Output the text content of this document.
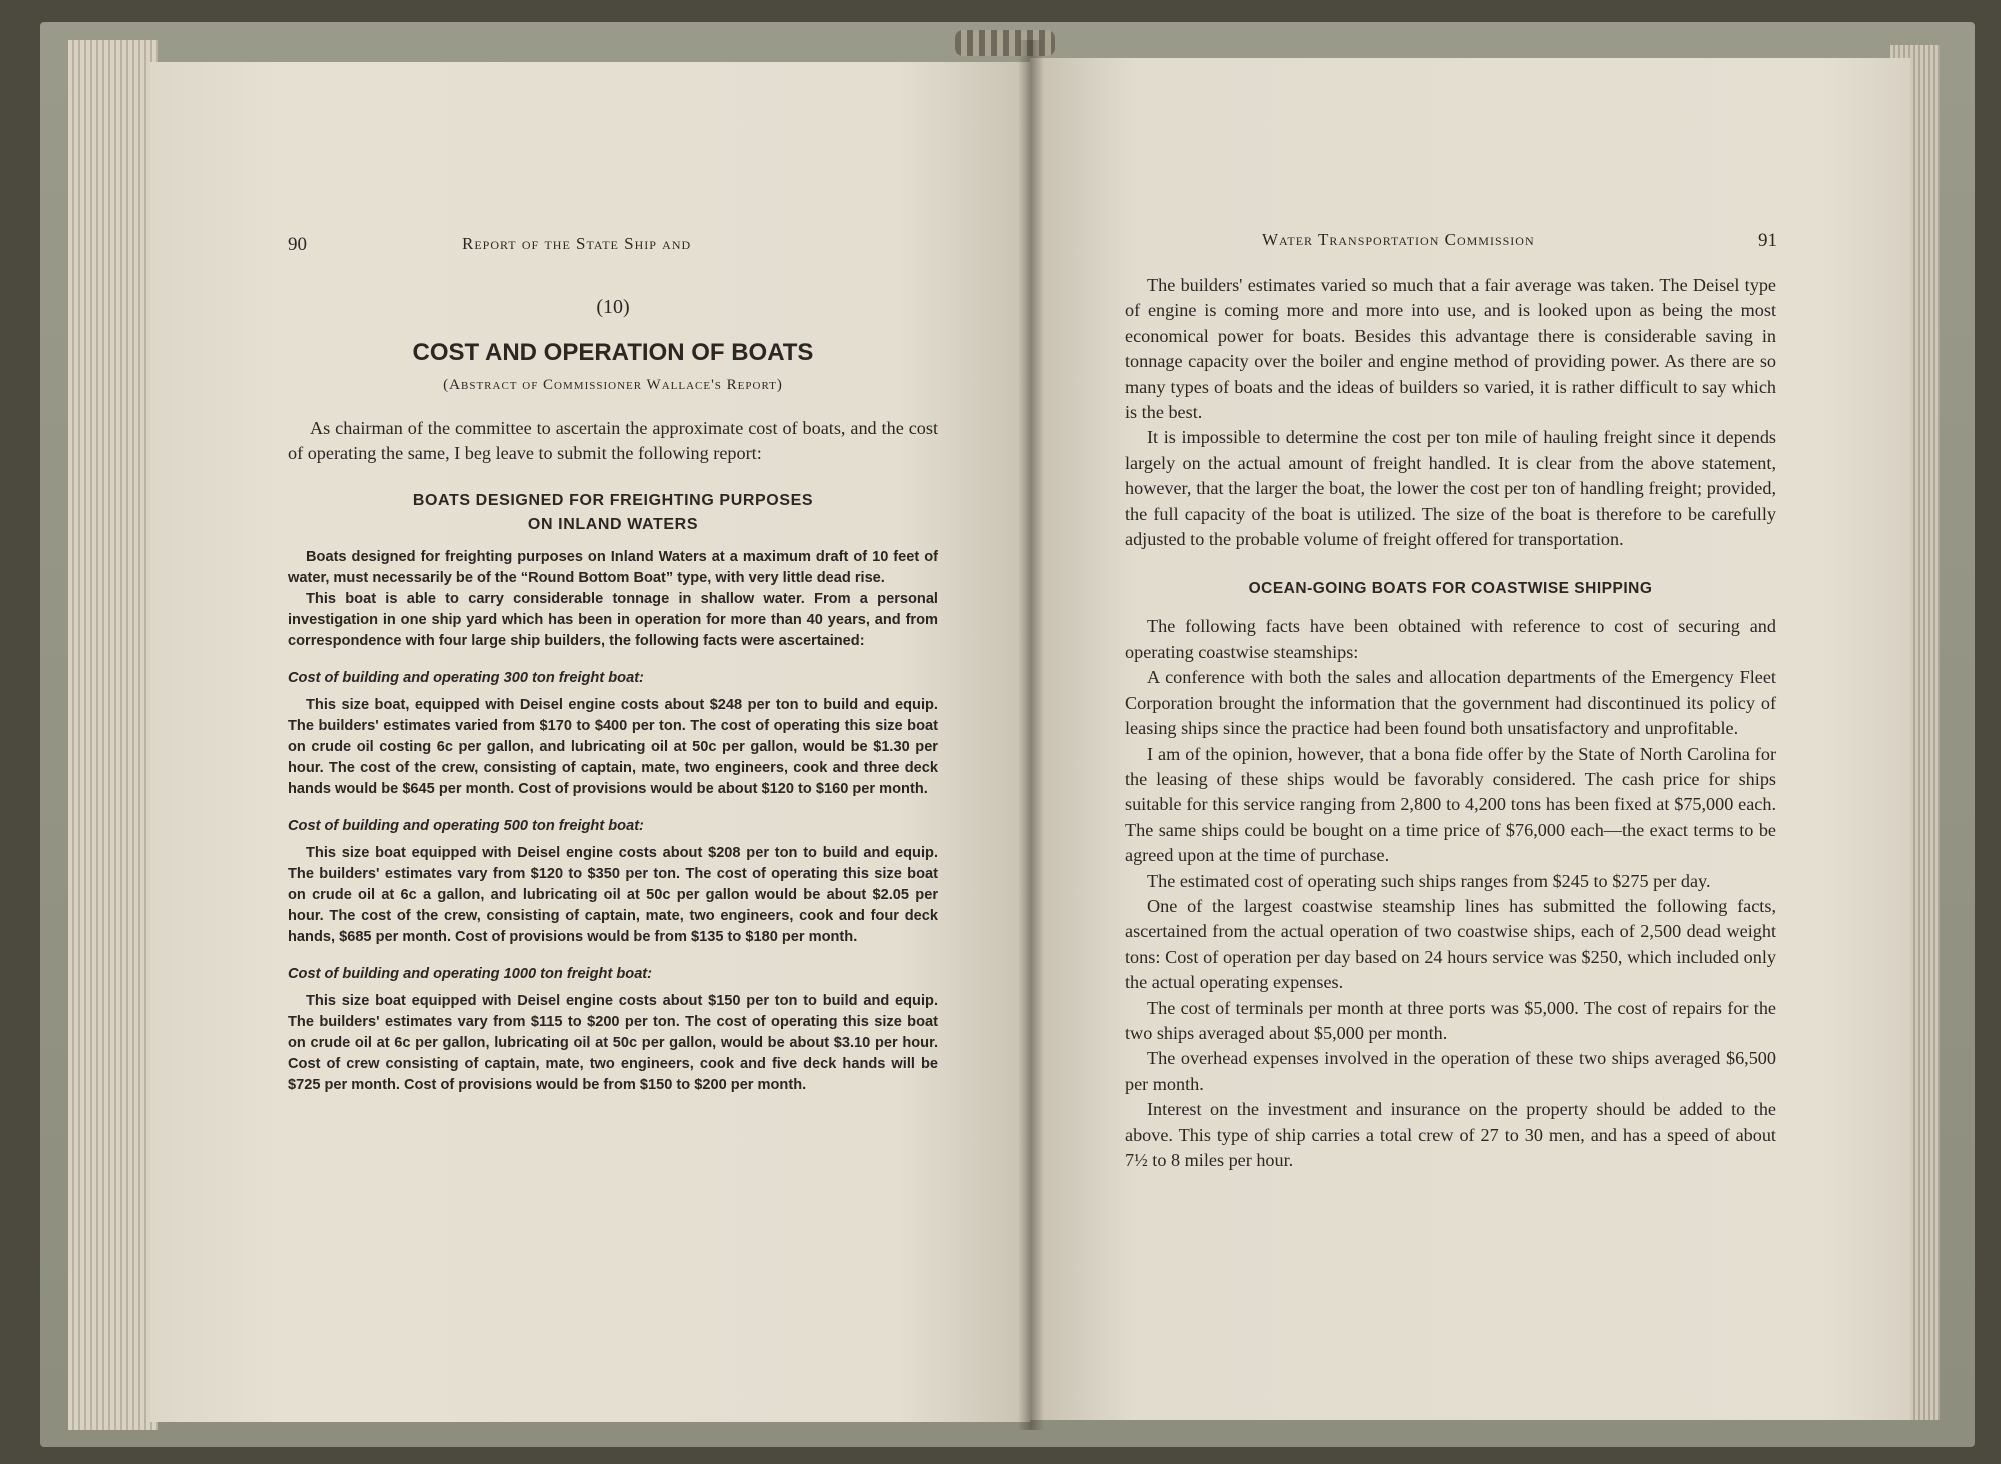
90	Report of the State Ship and
(10)
COST AND OPERATION OF BOATS
(Abstract of Commissioner Wallace's Report)

As chairman of the committee to ascertain the approximate cost of boats, and the cost of operating the same, I beg leave to submit the following report:

BOATS DESIGNED FOR FREIGHTING PURPOSES ON INLAND WATERS

Boats designed for freighting purposes on Inland Waters at a maximum draft of 10 feet of water, must necessarily be of the “Round Bottom Boat” type, with very little dead rise.

This boat is able to carry considerable tonnage in shallow water. From a personal investigation in one ship yard which has been in operation for more than 40 years, and from correspondence with four large ship builders, the following facts were ascertained:

Cost of building and operating 300 ton freight boat:

This size boat, equipped with Deisel engine costs about $248 per ton to build and equip. The builders' estimates varied from $170 to $400 per ton. The cost of operating this size boat on crude oil costing 6c per gallon, and lubricating oil at 50c per gallon, would be $1.30 per hour. The cost of the crew, consisting of captain, mate, two engineers, cook and three deck hands would be $645 per month. Cost of provisions would be about $120 to $160 per month.

Cost of building and operating 500 ton freight boat:

This size boat equipped with Deisel engine costs about $208 per ton to build and equip. The builders' estimates vary from $120 to $350 per ton. The cost of operating this size boat on crude oil at 6c a gallon, and lubricating oil at 50c per gallon would be about $2.05 per hour. The cost of the crew, consisting of captain, mate, two engineers, cook and four deck hands, $685 per month. Cost of provisions would be from $135 to $180 per month.

Cost of building and operating 1000 ton freight boat:

This size boat equipped with Deisel engine costs about $150 per ton to build and equip. The builders' estimates vary from $115 to $200 per ton. The cost of operating this size boat on crude oil at 6c per gallon, lubricating oil at 50c per gallon, would be about $3.10 per hour. Cost of crew consisting of captain, mate, two engineers, cook and five deck hands will be $725 per month. Cost of provisions would be from $150 to $200 per month.

Water Transportation Commission	91

The builders' estimates varied so much that a fair average was taken. The Deisel type of engine is coming more and more into use, and is looked upon as being the most economical power for boats. Besides this advantage there is considerable saving in tonnage capacity over the boiler and engine method of providing power. As there are so many types of boats and the ideas of builders so varied, it is rather difficult to say which is the best.

It is impossible to determine the cost per ton mile of hauling freight since it depends largely on the actual amount of freight handled. It is clear from the above statement, however, that the larger the boat, the lower the cost per ton of handling freight; provided, the full capacity of the boat is utilized. The size of the boat is therefore to be carefully adjusted to the probable volume of freight offered for transportation.

OCEAN-GOING BOATS FOR COASTWISE SHIPPING

The following facts have been obtained with reference to cost of securing and operating coastwise steamships:

A conference with both the sales and allocation departments of the Emergency Fleet Corporation brought the information that the government had discontinued its policy of leasing ships since the practice had been found both unsatisfactory and unprofitable.

I am of the opinion, however, that a bona fide offer by the State of North Carolina for the leasing of these ships would be favorably considered. The cash price for ships suitable for this service ranging from 2,800 to 4,200 tons has been fixed at $75,000 each. The same ships could be bought on a time price of $76,000 each—the exact terms to be agreed upon at the time of purchase.

The estimated cost of operating such ships ranges from $245 to $275 per day.

One of the largest coastwise steamship lines has submitted the following facts, ascertained from the actual operation of two coastwise ships, each of 2,500 dead weight tons: Cost of operation per day based on 24 hours service was $250, which included only the actual operating expenses.

The cost of terminals per month at three ports was $5,000. The cost of repairs for the two ships averaged about $5,000 per month.

The overhead expenses involved in the operation of these two ships averaged $6,500 per month.

Interest on the investment and insurance on the property should be added to the above. This type of ship carries a total crew of 27 to 30 men, and has a speed of about 7½ to 8 miles per hour.
